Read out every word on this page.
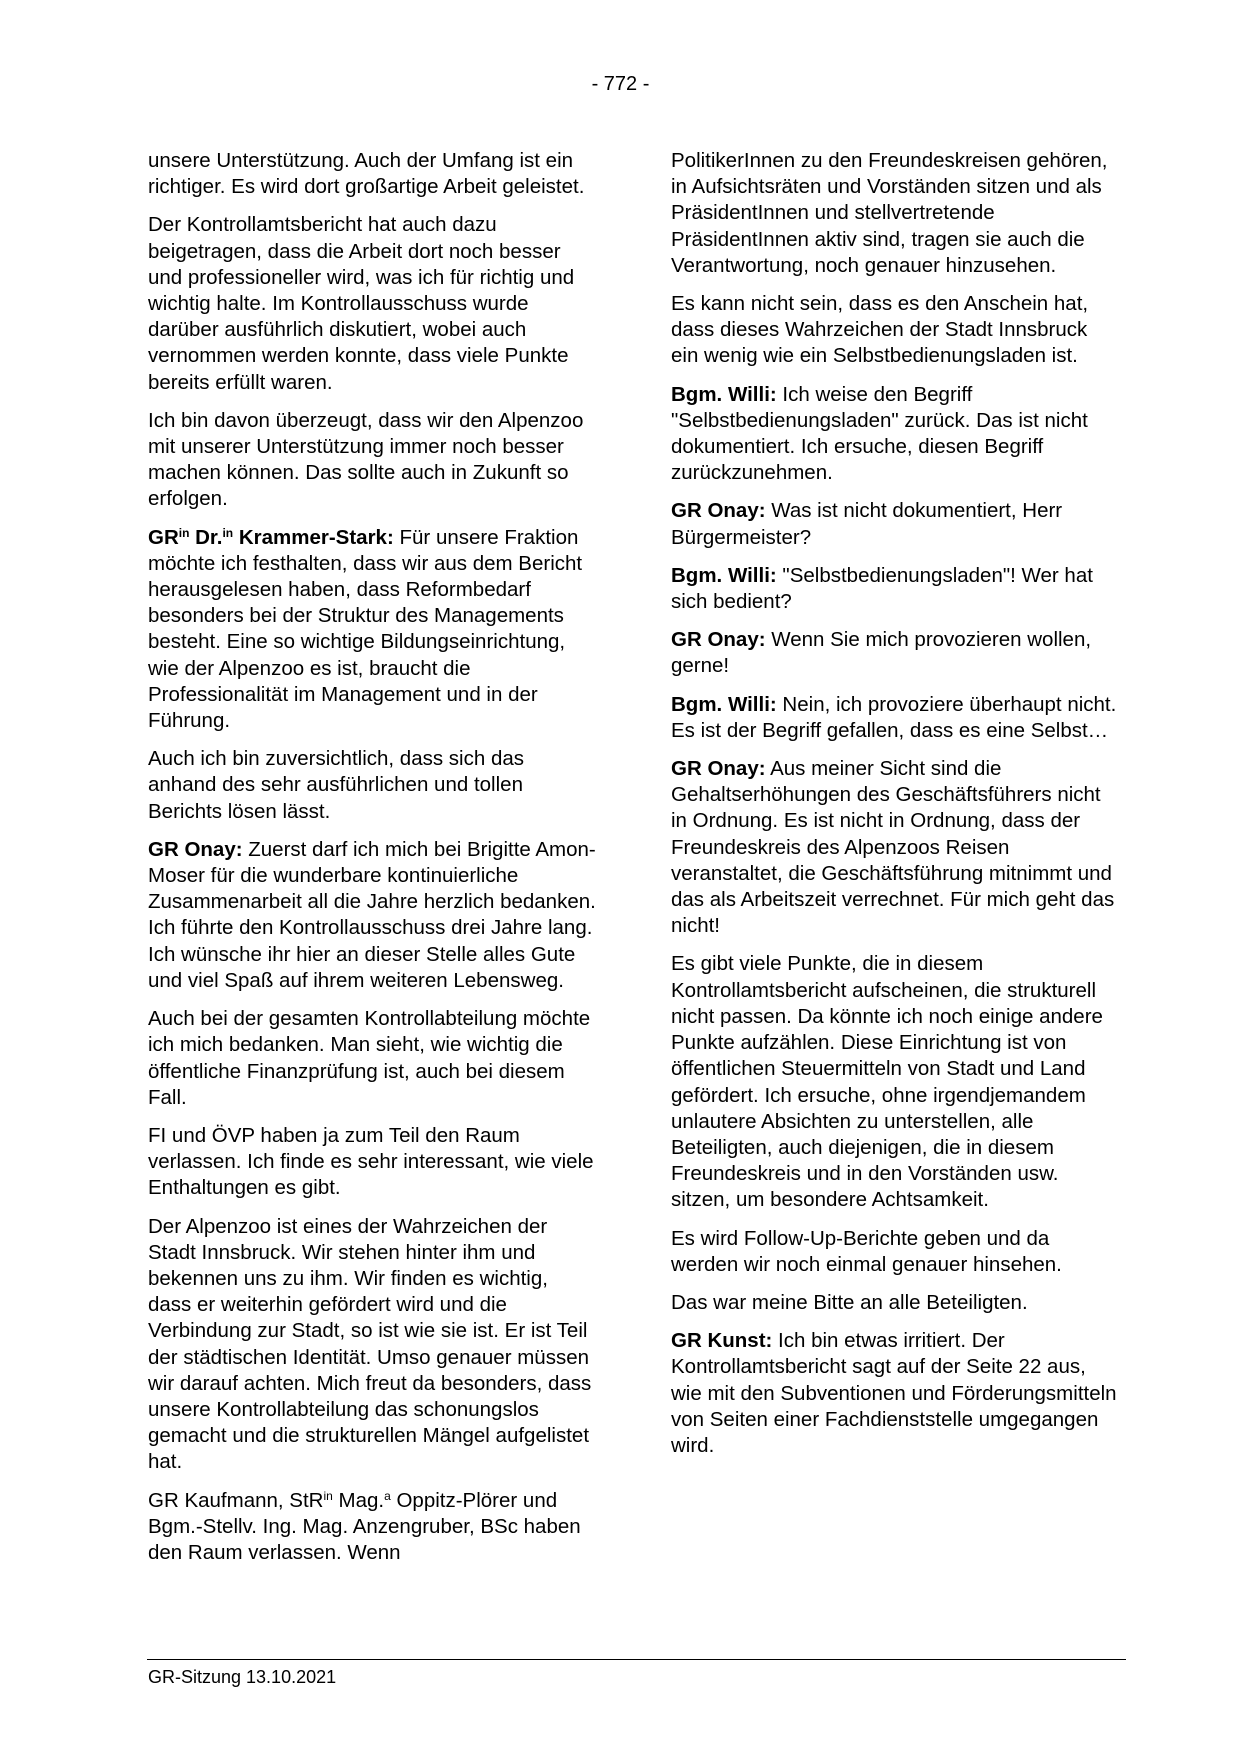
- 772 -

unsere Unterstützung. Auch der Umfang ist ein richtiger. Es wird dort großartige Arbeit geleistet.

Der Kontrollamtsbericht hat auch dazu beigetragen, dass die Arbeit dort noch besser und professioneller wird, was ich für richtig und wichtig halte. Im Kontrollausschuss wurde darüber ausführlich diskutiert, wobei auch vernommen werden konnte, dass viele Punkte bereits erfüllt waren.

Ich bin davon überzeugt, dass wir den Alpenzoo mit unserer Unterstützung immer noch besser machen können. Das sollte auch in Zukunft so erfolgen.

$GR^{in}$ Dr.$^{in}$ Krammer-Stark: Für unsere Fraktion möchte ich festhalten, dass wir aus dem Bericht herausgelesen haben, dass Reformbedarf besonders bei der Struktur des Managements besteht. Eine so wichtige Bildungseinrichtung, wie der Alpenzoo es ist, braucht die Professionalität im Management und in der Führung.

Auch ich bin zuversichtlich, dass sich das anhand des sehr ausführlichen und tollen Berichts lösen lässt.

GR Onay: Zuerst darf ich mich bei Brigitte Amon-Moser für die wunderbare kontinuierliche Zusammenarbeit all die Jahre herzlich bedanken. Ich führte den Kontrollausschuss drei Jahre lang. Ich wünsche ihr hier an dieser Stelle alles Gute und viel Spaß auf ihrem weiteren Lebensweg.

Auch bei der gesamten Kontrollabteilung möchte ich mich bedanken. Man sieht, wie wichtig die öffentliche Finanzprüfung ist, auch bei diesem Fall.

FI und ÖVP haben ja zum Teil den Raum verlassen. Ich finde es sehr interessant, wie viele Enthaltungen es gibt.

Der Alpenzoo ist eines der Wahrzeichen der Stadt Innsbruck. Wir stehen hinter ihm und bekennen uns zu ihm. Wir finden es wichtig, dass er weiterhin gefördert wird und die Verbindung zur Stadt, so ist wie sie ist. Er ist Teil der städtischen Identität. Umso genauer müssen wir darauf achten. Mich freut da besonders, dass unsere Kontrollabteilung das schonungslos gemacht und die strukturellen Mängel aufgelistet hat.

GR Kaufmann, StR$^{in}$ Mag.$^a$ Oppitz-Plörer und Bgm.-Stellv. Ing. Mag. Anzengruber, BSc haben den Raum verlassen. Wenn

PolitikerInnen zu den Freundeskreisen gehören, in Aufsichtsräten und Vorständen sitzen und als PräsidentInnen und stellvertretende PräsidentInnen aktiv sind, tragen sie auch die Verantwortung, noch genauer hinzusehen.

Es kann nicht sein, dass es den Anschein hat, dass dieses Wahrzeichen der Stadt Innsbruck ein wenig wie ein Selbstbedienungsladen ist.

Bgm. Willi: Ich weise den Begriff "Selbstbedienungsladen" zurück. Das ist nicht dokumentiert. Ich ersuche, diesen Begriff zurückzunehmen.

GR Onay: Was ist nicht dokumentiert, Herr Bürgermeister?

Bgm. Willi: "Selbstbedienungsladen"! Wer hat sich bedient?

GR Onay: Wenn Sie mich provozieren wollen, gerne!

Bgm. Willi: Nein, ich provoziere überhaupt nicht. Es ist der Begriff gefallen, dass es eine Selbst…

GR Onay: Aus meiner Sicht sind die Gehaltserhöhungen des Geschäftsführers nicht in Ordnung. Es ist nicht in Ordnung, dass der Freundeskreis des Alpenzoos Reisen veranstaltet, die Geschäftsführung mitnimmt und das als Arbeitszeit verrechnet. Für mich geht das nicht!

Es gibt viele Punkte, die in diesem Kontrollamtsbericht aufscheinen, die strukturell nicht passen. Da könnte ich noch einige andere Punkte aufzählen. Diese Einrichtung ist von öffentlichen Steuermitteln von Stadt und Land gefördert. Ich ersuche, ohne irgendjemandem unlautere Absichten zu unterstellen, alle Beteiligten, auch diejenigen, die in diesem Freundeskreis und in den Vorständen usw. sitzen, um besondere Achtsamkeit.

Es wird Follow-Up-Berichte geben und da werden wir noch einmal genauer hinsehen.

Das war meine Bitte an alle Beteiligten.

GR Kunst: Ich bin etwas irritiert. Der Kontrollamtsbericht sagt auf der Seite 22 aus, wie mit den Subventionen und Förderungsmitteln von Seiten einer Fachdienststelle umgegangen wird.

GR-Sitzung 13.10.2021
